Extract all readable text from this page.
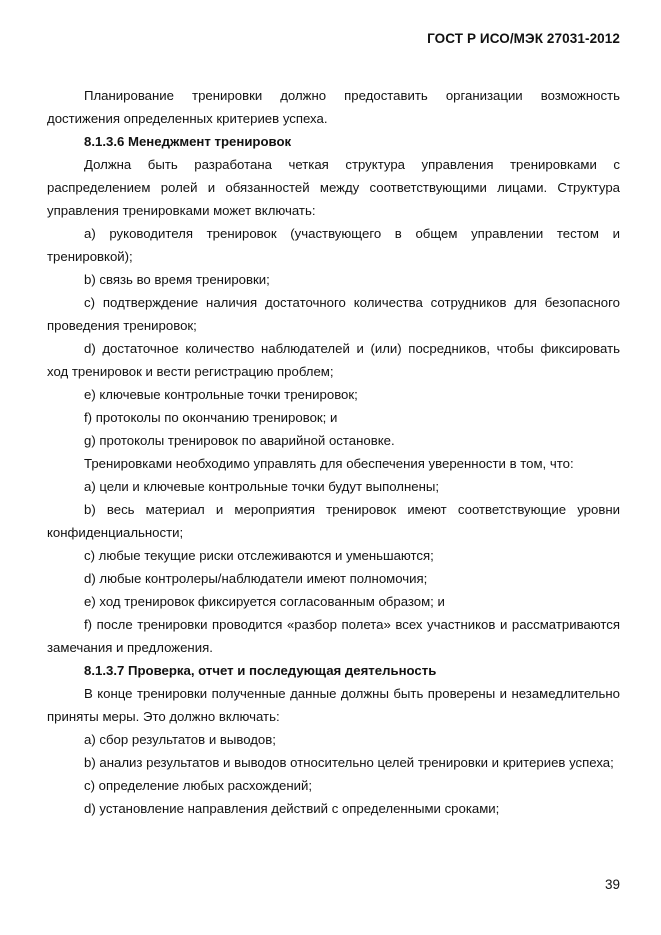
ГОСТ Р ИСО/МЭК 27031-2012

Планирование тренировки должно предоставить организации возможность достижения определенных критериев успеха.

8.1.3.6 Менеджмент тренировок

Должна быть разработана четкая структура управления тренировками с распределением ролей и обязанностей между соответствующими лицами. Структура управления тренировками может включать:

a) руководителя тренировок (участвующего в общем управлении тестом и тренировкой);

b) связь во время тренировки;

c) подтверждение наличия достаточного количества сотрудников для безопасного проведения тренировок;

d) достаточное количество наблюдателей и (или) посредников, чтобы фиксировать ход тренировок и вести регистрацию проблем;

e) ключевые контрольные точки тренировок;

f) протоколы по окончанию тренировок; и

g) протоколы тренировок по аварийной остановке.

Тренировками необходимо управлять для обеспечения уверенности в том, что:

a) цели и ключевые контрольные точки будут выполнены;

b) весь материал и мероприятия тренировок имеют соответствующие уровни конфиденциальности;

c) любые текущие риски отслеживаются и уменьшаются;

d) любые контролеры/наблюдатели имеют полномочия;

e) ход тренировок фиксируется согласованным образом; и

f) после тренировки проводится «разбор полета» всех участников и рассматриваются замечания и предложения.

8.1.3.7 Проверка, отчет и последующая деятельность

В конце тренировки полученные данные должны быть проверены и незамедлительно приняты меры. Это должно включать:

a) сбор результатов и выводов;

b) анализ результатов и выводов относительно целей тренировки и критериев успеха;

c) определение любых расхождений;

d) установление направления действий с определенными сроками;

39
